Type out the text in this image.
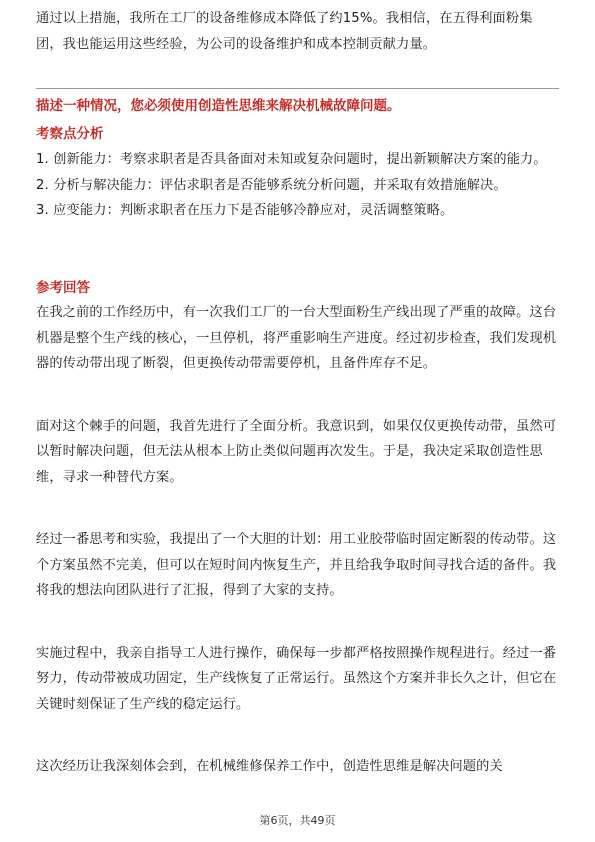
通过以上措施，我所在工厂的设备维修成本降低了约15%。我相信，在五得利面粉集团，我也能运用这些经验，为公司的设备维护和成本控制贡献力量。

描述一种情况，您必须使用创造性思维来解决机械故障问题。

考察点分析

1. 创新能力：考察求职者是否具备面对未知或复杂问题时，提出新颖解决方案的能力。

2. 分析与解决能力：评估求职者是否能够系统分析问题，并采取有效措施解决。

3. 应变能力：判断求职者在压力下是否能够冷静应对，灵活调整策略。

参考回答

在我之前的工作经历中，有一次我们工厂的一台大型面粉生产线出现了严重的故障。这台机器是整个生产线的核心，一旦停机，将严重影响生产进度。经过初步检查，我们发现机器的传动带出现了断裂，但更换传动带需要停机，且备件库存不足。

面对这个棘手的问题，我首先进行了全面分析。我意识到，如果仅仅更换传动带，虽然可以暂时解决问题，但无法从根本上防止类似问题再次发生。于是，我决定采取创造性思维，寻求一种替代方案。

经过一番思考和实验，我提出了一个大胆的计划：用工业胶带临时固定断裂的传动带。这个方案虽然不完美，但可以在短时间内恢复生产，并且给我争取时间寻找合适的备件。我将我的想法向团队进行了汇报，得到了大家的支持。

实施过程中，我亲自指导工人进行操作，确保每一步都严格按照操作规程进行。经过一番努力，传动带被成功固定，生产线恢复了正常运行。虽然这个方案并非长久之计，但它在关键时刻保证了生产线的稳定运行。

这次经历让我深刻体会到，在机械维修保养工作中，创造性思维是解决问题的关

第6页，共49页
